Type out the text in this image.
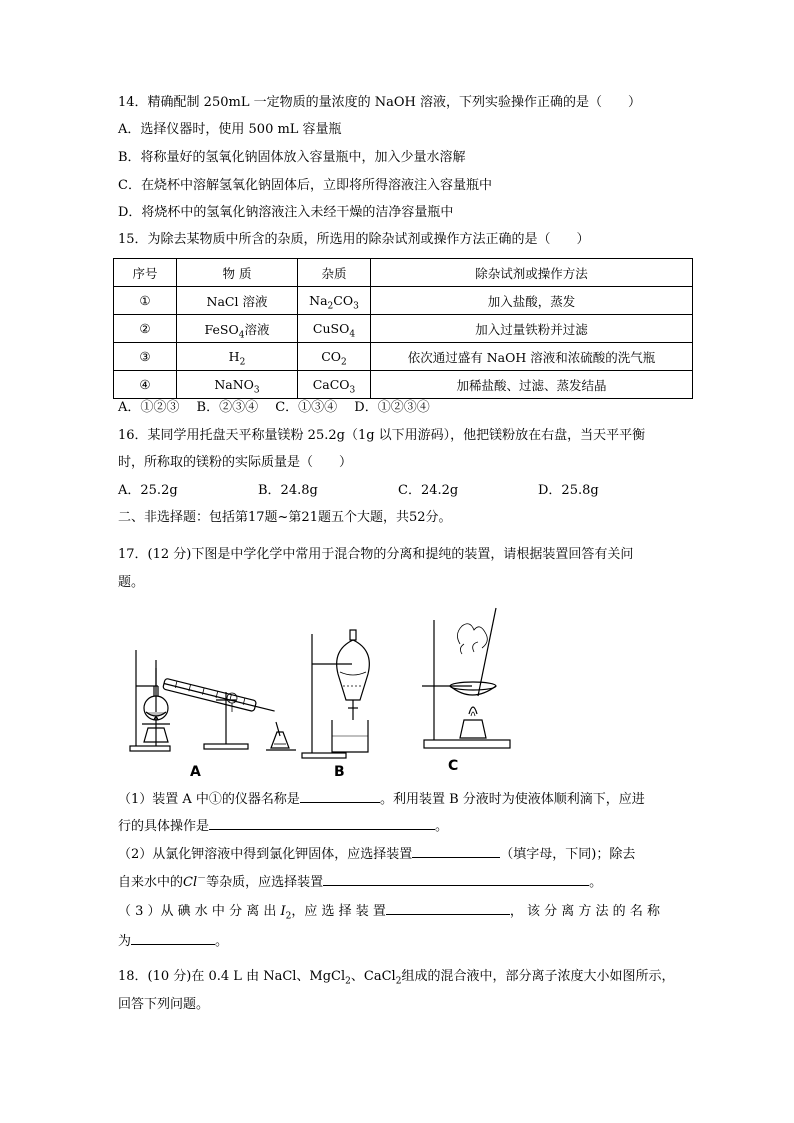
14．精确配制 250mL 一定物质的量浓度的 NaOH 溶液，下列实验操作正确的是（　　）
A．选择仪器时，使用 500 mL 容量瓶
B．将称量好的氢氧化钠固体放入容量瓶中，加入少量水溶解
C．在烧杯中溶解氢氧化钠固体后，立即将所得溶液注入容量瓶中
D．将烧杯中的氢氧化钠溶液注入未经干燥的洁净容量瓶中
15．为除去某物质中所含的杂质，所选用的除杂试剂或操作方法正确的是（　　）
序号	物 质	杂质	除杂试剂或操作方法
①	NaCl 溶液	$Na_2CO_3$	加入盐酸，蒸发
②	FeSO$_4$溶液	CuSO$_4$	加入过量铁粉并过滤
③	$H_2$	$CO_2$	依次通过盛有 NaOH 溶液和浓硫酸的洗气瓶
④	NaNO$_3$	CaCO$_3$	加稀盐酸、过滤、蒸发结晶
A．①②③　 B．②③④　 C．①③④　 D．①②③④
16．某同学用托盘天平称量镁粉 25.2g（1g 以下用游码），他把镁粉放在右盘，当天平平衡
时，所称取的镁粉的实际质量是（　　）
A．25.2g	B．24.8g	C．24.2g	D．25.8g
二、非选择题：包括第17题~第21题五个大题，共52分。
17．(12 分)下图是中学化学中常用于混合物的分离和提纯的装置，请根据装置回答有关问
题。
A	B	C
（1）装置 A 中①的仪器名称是	。利用装置 B 分液时为使液体顺利滴下，应进
行的具体操作是	。
（2）从氯化钾溶液中得到氯化钾固体，应选择装置	（填字母，下同)；除去
自来水中的Cl－等杂质，应选择装置	。
（ 3 ）从 碘 水 中 分 离 出 $I_2$，应 选 择 装 置	， 该 分 离 方 法 的 名 称
为	。
18．(10 分)在 0.4 L 由 NaCl、MgCl$_2$、CaCl$_2$组成的混合液中，部分离子浓度大小如图所示，
回答下列问题。
